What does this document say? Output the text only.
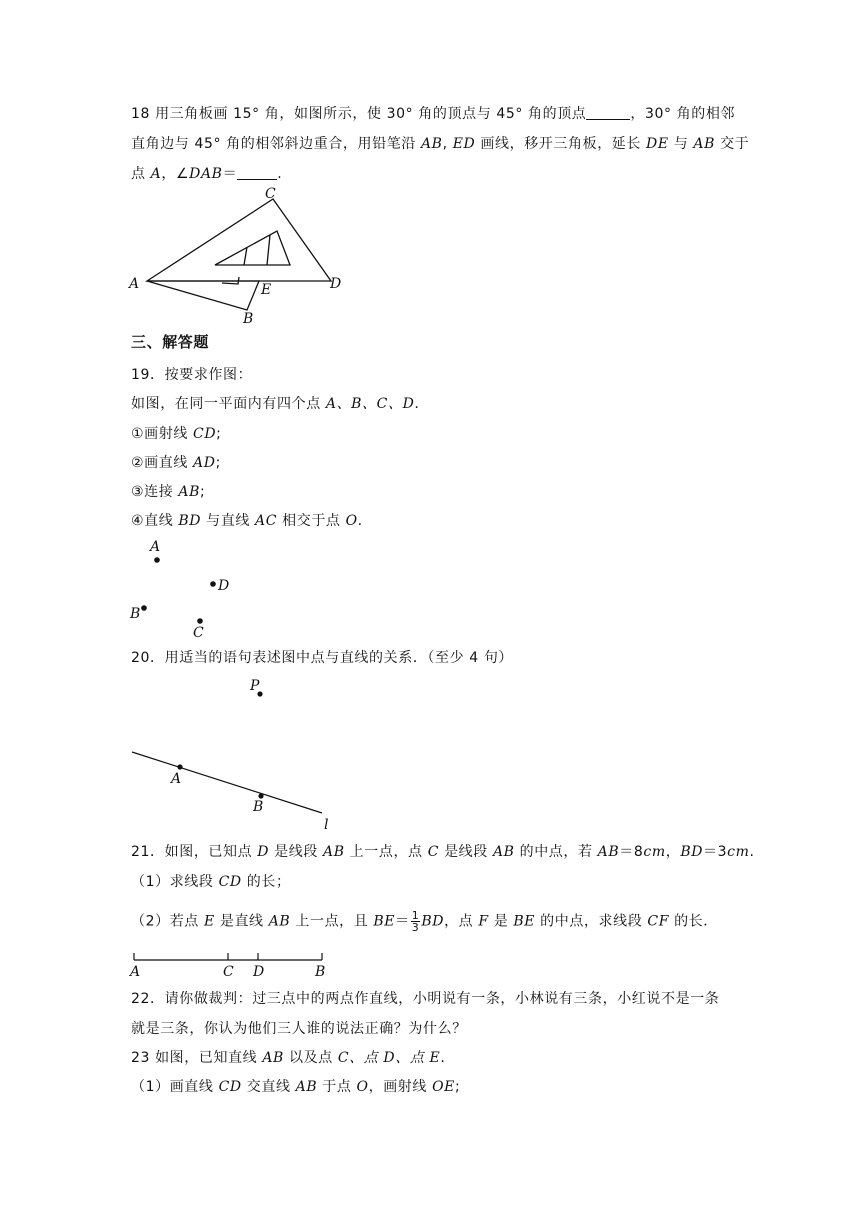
18 用三角板画 15° 角，如图所示，使 30° 角的顶点与 45° 角的顶点	，30° 角的相邻
直角边与 45° 角的相邻斜边重合，用铅笔沿 AB, ED 画线，移开三角板，延长 DE 与 AB 交于
点 A，∠DAB＝	.
C
A	D
E
B
三、解答题
19．按要求作图：
如图，在同一平面内有四个点 A、B、C、D.
①画射线 CD;
②画直线 AD;
③连接 AB;
④直线 BD 与直线 AC 相交于点 O.
A
D
B
C
20．用适当的语句表述图中点与直线的关系．（至少 4 句）
P
A
B
l
21．如图，已知点 D 是线段 AB 上一点，点 C 是线段 AB 的中点，若 AB＝8cm，BD＝3cm.
（1）求线段 CD 的长；
（2）若点 E 是直线 AB 上一点，且 $BE= \frac{1}{3}$ BD，点 F 是 BE 的中点，求线段 CF 的长．
A	C D	B
22．请你做裁判：过三点中的两点作直线，小明说有一条，小林说有三条，小红说不是一条
就是三条，你认为他们三人谁的说法正确？为什么？
23 如图，已知直线 AB 以及点 C、点 D、点 E.
（1）画直线 CD 交直线 AB 于点 O，画射线 OE;
